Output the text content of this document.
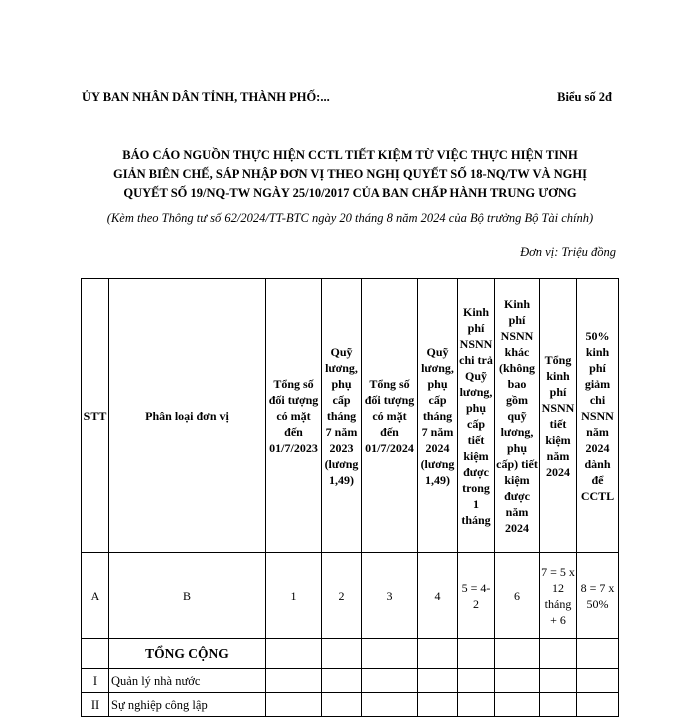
ỦY BAN NHÂN DÂN TỈNH, THÀNH PHỐ:...	Biểu số 2đ
BÁO CÁO NGUỒN THỰC HIỆN CCTL TIẾT KIỆM TỪ VIỆC THỰC HIỆN TINH
GIẢN BIÊN CHẾ, SÁP NHẬP ĐƠN VỊ THEO NGHỊ QUYẾT SỐ 18-NQ/TW VÀ NGHỊ
QUYẾT SỐ 19/NQ-TW NGÀY 25/10/2017 CỦA BAN CHẤP HÀNH TRUNG ƯƠNG
(Kèm theo Thông tư số 62/2024/TT-BTC ngày 20 tháng 8 năm 2024 của Bộ trưởng Bộ Tài chính)
Đơn vị: Triệu đồng
STT	Phân loại đơn vị	Tổng số đối tượng có mặt đến 01/7/2023	Quỹ lương, phụ cấp tháng 7 năm 2023 (lương 1,49)	Tổng số đối tượng có mặt đến 01/7/2024	Quỹ lương, phụ cấp tháng 7 năm 2024 (lương 1,49)	Kinh phí NSNN chi trả Quỹ lương, phụ cấp tiết kiệm được trong 1 tháng	Kinh phí NSNN khác (không bao gồm quỹ lương, phụ cấp) tiết kiệm được năm 2024	Tổng kinh phí NSNN tiết kiệm năm 2024	50% kinh phí giảm chi NSNN năm 2024 dành để CCTL
A	B	1	2	3	4	5 = 4-2	6	7 = 5 x 12 tháng + 6	8 = 7 x 50%
	TỔNG CỘNG								
I	Quản lý nhà nước								
II	Sự nghiệp công lập								
